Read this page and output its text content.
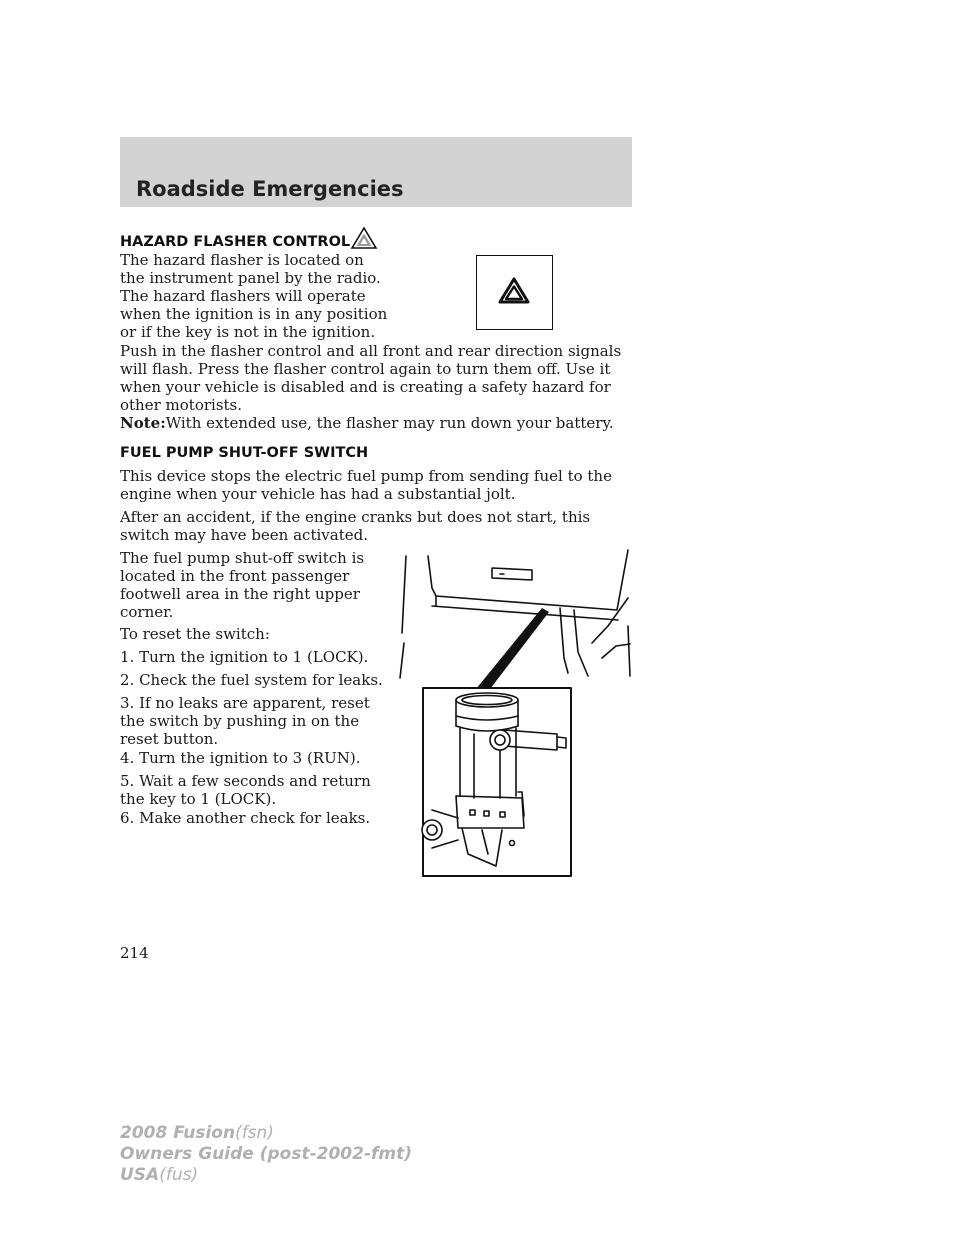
Roadside Emergencies
HAZARD FLASHER CONTROL

The hazard flasher is located on the instrument panel by the radio. The hazard flashers will operate when the ignition is in any position or if the key is not in the ignition.

Push in the flasher control and all front and rear direction signals will flash. Press the flasher control again to turn them off. Use it when your vehicle is disabled and is creating a safety hazard for other motorists.

Note:With extended use, the flasher may run down your battery.

FUEL PUMP SHUT-OFF SWITCH

This device stops the electric fuel pump from sending fuel to the engine when your vehicle has had a substantial jolt.

After an accident, if the engine cranks but does not start, this switch may have been activated.

The fuel pump shut-off switch is located in the front passenger footwell area in the right upper corner.

To reset the switch:

1. Turn the ignition to 1 (LOCK).

2. Check the fuel system for leaks.

3. If no leaks are apparent, reset the switch by pushing in on the reset button.

4. Turn the ignition to 3 (RUN).

5. Wait a few seconds and return the key to 1 (LOCK).

6. Make another check for leaks.

214
2008 Fusion(fsn)
Owners Guide (post-2002-fmt)
USA(fus)
